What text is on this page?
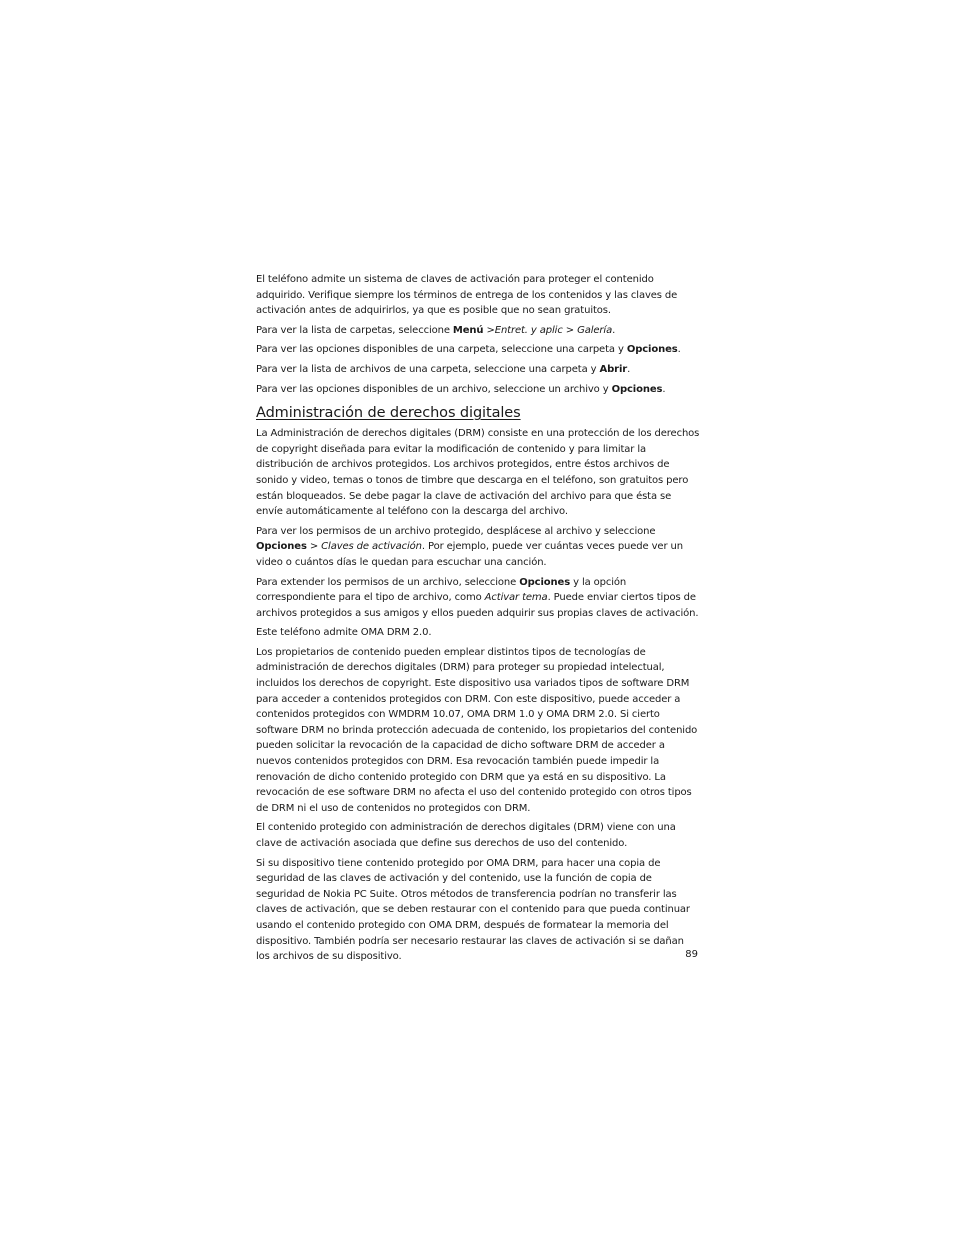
El teléfono admite un sistema de claves de activación para proteger el contenido adquirido. Verifique siempre los términos de entrega de los contenidos y las claves de activación antes de adquirirlos, ya que es posible que no sean gratuitos.

Para ver la lista de carpetas, seleccione Menú >Entret. y aplic > Galería.

Para ver las opciones disponibles de una carpeta, seleccione una carpeta y Opciones.

Para ver la lista de archivos de una carpeta, seleccione una carpeta y Abrir.

Para ver las opciones disponibles de un archivo, seleccione un archivo y Opciones.

Administración de derechos digitales

La Administración de derechos digitales (DRM) consiste en una protección de los derechos de copyright diseñada para evitar la modificación de contenido y para limitar la distribución de archivos protegidos. Los archivos protegidos, entre éstos archivos de sonido y video, temas o tonos de timbre que descarga en el teléfono, son gratuitos pero están bloqueados. Se debe pagar la clave de activación del archivo para que ésta se envíe automáticamente al teléfono con la descarga del archivo.

Para ver los permisos de un archivo protegido, desplácese al archivo y seleccione Opciones > Claves de activación. Por ejemplo, puede ver cuántas veces puede ver un video o cuántos días le quedan para escuchar una canción.

Para extender los permisos de un archivo, seleccione Opciones y la opción correspondiente para el tipo de archivo, como Activar tema. Puede enviar ciertos tipos de archivos protegidos a sus amigos y ellos pueden adquirir sus propias claves de activación.

Este teléfono admite OMA DRM 2.0.

Los propietarios de contenido pueden emplear distintos tipos de tecnologías de administración de derechos digitales (DRM) para proteger su propiedad intelectual, incluidos los derechos de copyright. Este dispositivo usa variados tipos de software DRM para acceder a contenidos protegidos con DRM. Con este dispositivo, puede acceder a contenidos protegidos con WMDRM 10.07, OMA DRM 1.0 y OMA DRM 2.0. Si cierto software DRM no brinda protección adecuada de contenido, los propietarios del contenido pueden solicitar la revocación de la capacidad de dicho software DRM de acceder a nuevos contenidos protegidos con DRM. Esa revocación también puede impedir la renovación de dicho contenido protegido con DRM que ya está en su dispositivo. La revocación de ese software DRM no afecta el uso del contenido protegido con otros tipos de DRM ni el uso de contenidos no protegidos con DRM.

El contenido protegido con administración de derechos digitales (DRM) viene con una clave de activación asociada que define sus derechos de uso del contenido.

Si su dispositivo tiene contenido protegido por OMA DRM, para hacer una copia de seguridad de las claves de activación y del contenido, use la función de copia de seguridad de Nokia PC Suite. Otros métodos de transferencia podrían no transferir las claves de activación, que se deben restaurar con el contenido para que pueda continuar usando el contenido protegido con OMA DRM, después de formatear la memoria del dispositivo. También podría ser necesario restaurar las claves de activación si se dañan los archivos de su dispositivo.	89
